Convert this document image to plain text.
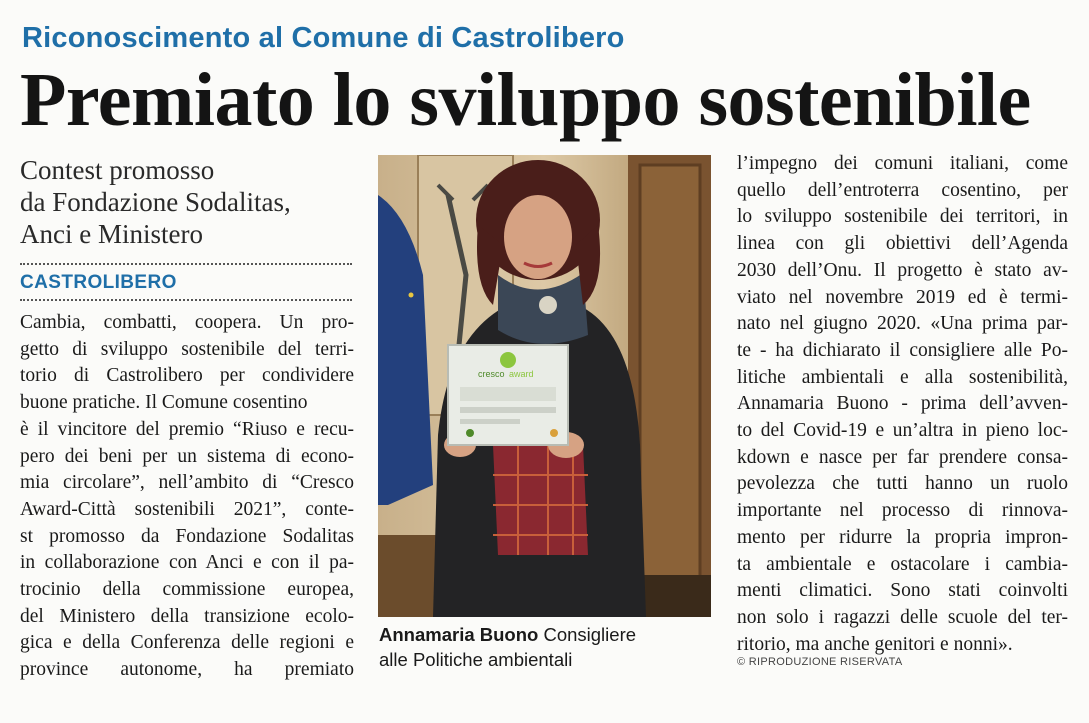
Riconoscimento al Comune di Castrolibero
Premiato lo sviluppo sostenibile
Contest promosso
da Fondazione Sodalitas,
Anci e Ministero
CASTROLIBERO
Cambia, combatti, coopera. Un pro-
getto di sviluppo sostenibile del terri-
torio di Castrolibero per condividere
buone pratiche. Il Comune cosentino
è il vincitore del premio “Riuso e recu-
pero dei beni per un sistema di econo-
mia circolare”, nell’ambito di “Cresco
Award-Città sostenibili 2021”, conte-
st promosso da Fondazione Sodalitas
in collaborazione con Anci e con il pa-
trocinio della commissione europea,
del Ministero della transizione ecolo-
gica e della Conferenza delle regioni e
province autonome, ha premiato
cresco award
Annamaria Buono Consigliere
alle Politiche ambientali
l’impegno dei comuni italiani, come
quello dell’entroterra cosentino, per
lo sviluppo sostenibile dei territori, in
linea con gli obiettivi dell’Agenda
2030 dell’Onu. Il progetto è stato av-
viato nel novembre 2019 ed è termi-
nato nel giugno 2020. «Una prima par-
te - ha dichiarato il consigliere alle Po-
litiche ambientali e alla sostenibilità,
Annamaria Buono - prima dell’avven-
to del Covid-19 e un’altra in pieno loc-
kdown e nasce per far prendere consa-
pevolezza che tutti hanno un ruolo
importante nel processo di rinnova-
mento per ridurre la propria impron-
ta ambientale e ostacolare i cambia-
menti climatici. Sono stati coinvolti
non solo i ragazzi delle scuole del ter-
ritorio, ma anche genitori e nonni».
© RIPRODUZIONE RISERVATA
